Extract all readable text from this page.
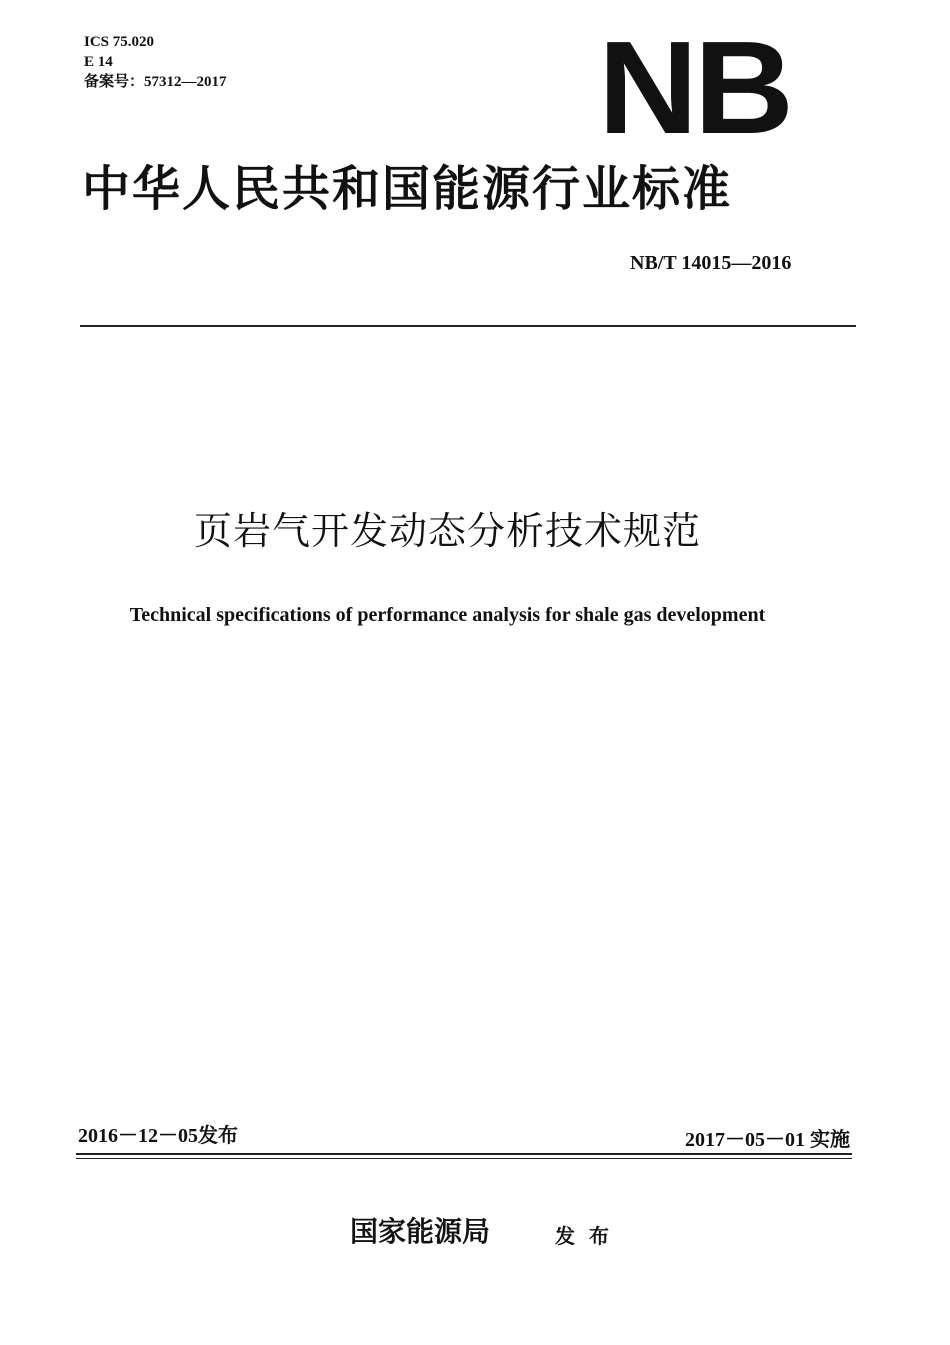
ICS 75.020
E 14
备案号：57312—2017	NB
中华人民共和国能源行业标准
NB/T 14015—2016
页岩气开发动态分析技术规范
Technical specifications of performance analysis for shale gas development
2016－12－05发布	2017－05－01 实施
国家能源局	发布
